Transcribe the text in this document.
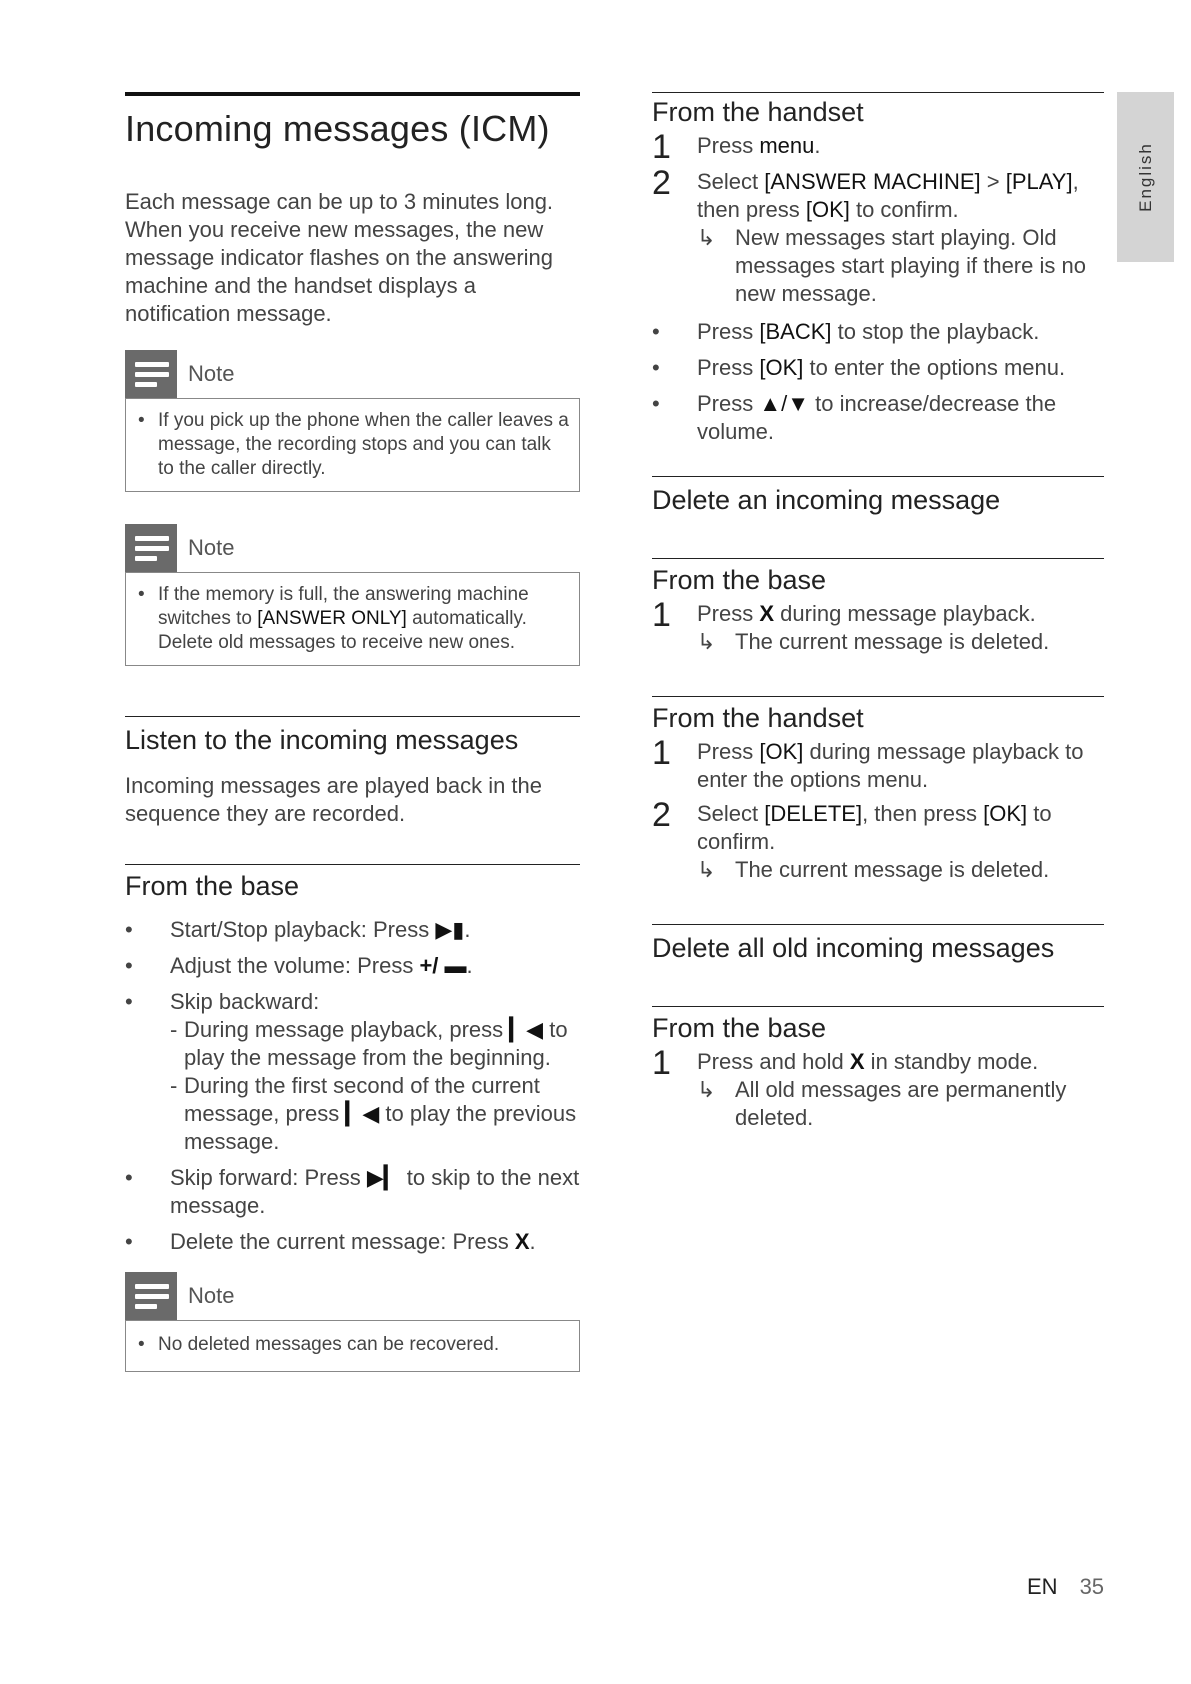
Incoming messages (ICM)

Each message can be up to 3 minutes long. When you receive new messages, the new message indicator flashes on the answering machine and the handset displays a notification message.

Note
• If you pick up the phone when the caller leaves a message, the recording stops and you can talk to the caller directly.
Note
• If the memory is full, the answering machine switches to [ANSWER ONLY] automatically. Delete old messages to receive new ones.
Listen to the incoming messages

Incoming messages are played back in the sequence they are recorded.

From the base
•	Start/Stop playback: Press ▶▮.
•	Adjust the volume: Press +/ ▬.
•	Skip backward:
- During message playback, press ▎◀ to play the message from the beginning.
- During the first second of the current message, press ▎◀ to play the previous message.
•	Skip forward: Press ▶▎ to skip to the next message.
•	Delete the current message: Press X.
Note
• No deleted messages can be recovered.
From the handset
1	Press menu.
2	Select [ANSWER MACHINE] > [PLAY], then press [OK] to confirm.
↳ New messages start playing. Old messages start playing if there is no new message.
•	Press [BACK] to stop the playback.
•	Press [OK] to enter the options menu.
•	Press ▲/▼ to increase/decrease the volume.
Delete an incoming message
From the base
1	Press X during message playback.
↳ The current message is deleted.
From the handset
1	Press [OK] during message playback to enter the options menu.
2	Select [DELETE], then press [OK] to confirm.
↳ The current message is deleted.
Delete all old incoming messages
From the base
1	Press and hold X in standby mode.
↳ All old messages are permanently deleted.
English
EN 35
